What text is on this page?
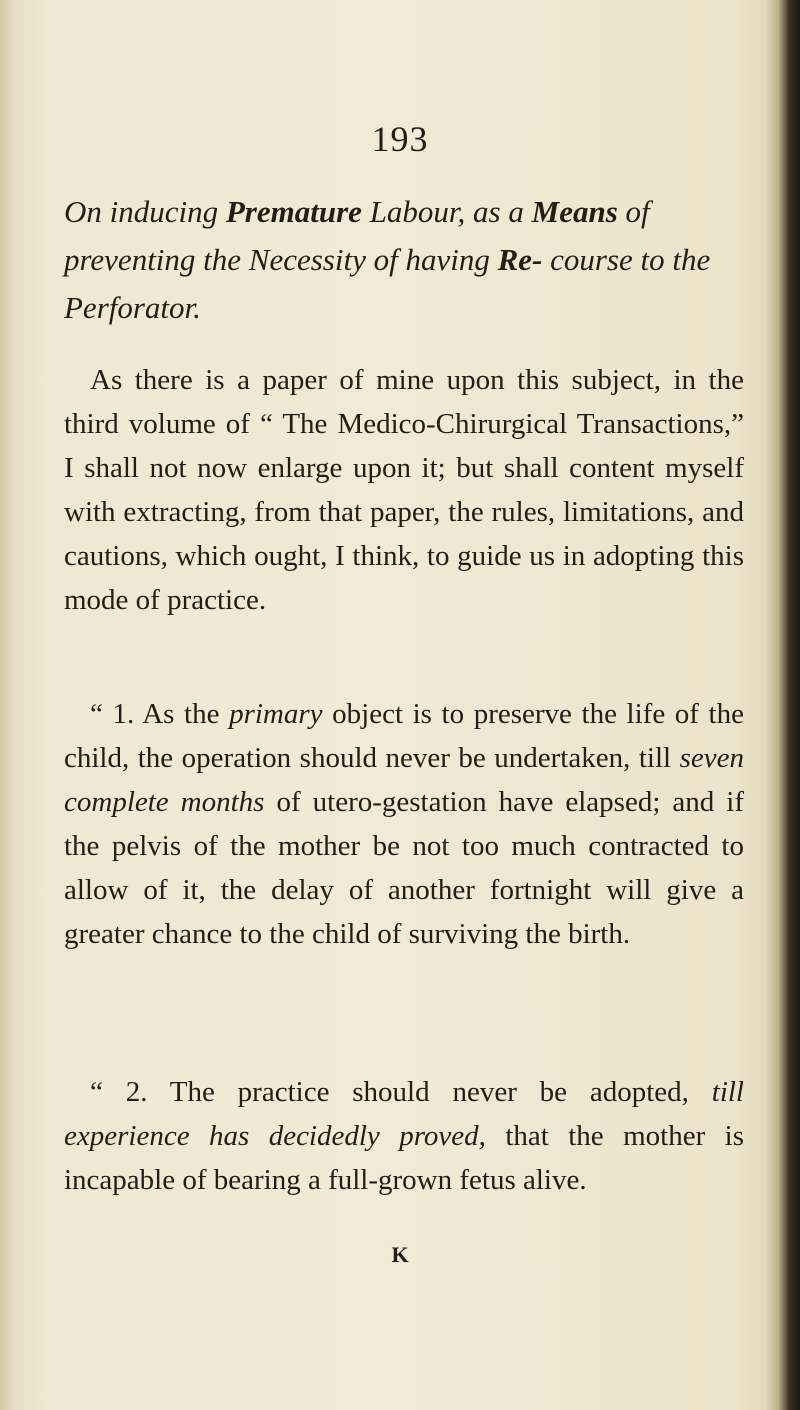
193
On inducing Premature Labour, as a Means of preventing the Necessity of having Re- course to the Perforator.

As there is a paper of mine upon this subject, in the third volume of “ The Medico-Chirurgical Transactions,” I shall not now enlarge upon it; but shall content myself with extracting, from that paper, the rules, limitations, and cautions, which ought, I think, to guide us in adopting this mode of practice.

“ 1. As the primary object is to preserve the life of the child, the operation should never be undertaken, till seven complete months of utero-gestation have elapsed; and if the pelvis of the mother be not too much contracted to allow of it, the delay of another fortnight will give a greater chance to the child of surviving the birth.

“ 2. The practice should never be adopted, till experience has decidedly proved, that the mother is incapable of bearing a full-grown fetus alive.

K
